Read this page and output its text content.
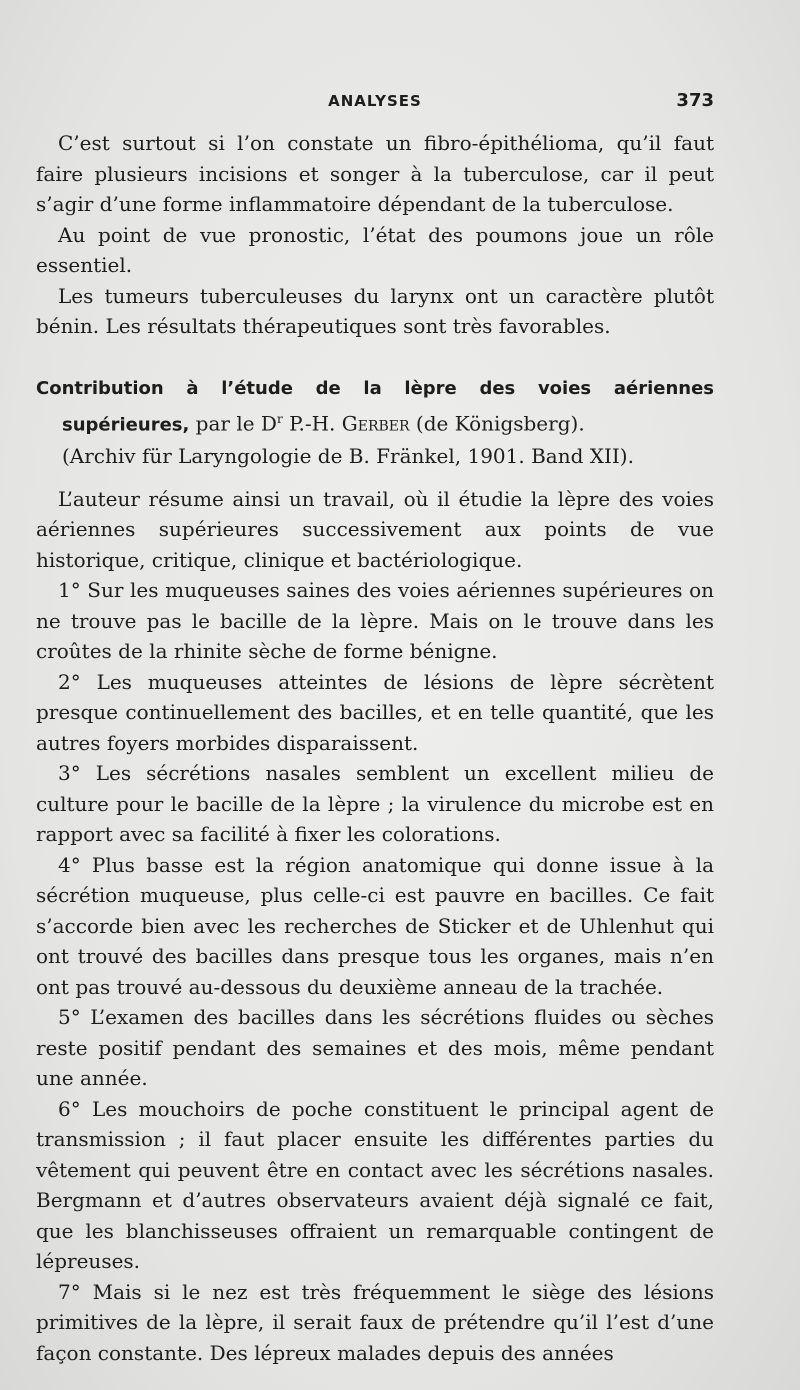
ANALYSES	373

C’est surtout si l’on constate un fibro-épithélioma, qu’il faut faire plusieurs incisions et songer à la tuberculose, car il peut s’agir d’une forme inflammatoire dépendant de la tuberculose.

Au point de vue pronostic, l’état des poumons joue un rôle essentiel.

Les tumeurs tuberculeuses du larynx ont un caractère plutôt bénin. Les résultats thérapeutiques sont très favorables.

Contribution à l’étude de la lèpre des voies aériennes supérieures, par le $D^r$ P.-H. Gerber (de Königsberg).
(Archiv für Laryngologie de B. Fränkel, 1901. Band XII).

L’auteur résume ainsi un travail, où il étudie la lèpre des voies aériennes supérieures successivement aux points de vue historique, critique, clinique et bactériologique.

1° Sur les muqueuses saines des voies aériennes supérieures on ne trouve pas le bacille de la lèpre. Mais on le trouve dans les croûtes de la rhinite sèche de forme bénigne.

2° Les muqueuses atteintes de lésions de lèpre sécrètent presque continuellement des bacilles, et en telle quantité, que les autres foyers morbides disparaissent.

3° Les sécrétions nasales semblent un excellent milieu de culture pour le bacille de la lèpre ; la virulence du microbe est en rapport avec sa facilité à fixer les colorations.

4° Plus basse est la région anatomique qui donne issue à la sécrétion muqueuse, plus celle-ci est pauvre en bacilles. Ce fait s’accorde bien avec les recherches de Sticker et de Uhlenhut qui ont trouvé des bacilles dans presque tous les organes, mais n’en ont pas trouvé au-dessous du deuxième anneau de la trachée.

5° L’examen des bacilles dans les sécrétions fluides ou sèches reste positif pendant des semaines et des mois, même pendant une année.

6° Les mouchoirs de poche constituent le principal agent de transmission ; il faut placer ensuite les différentes parties du vêtement qui peuvent être en contact avec les sécrétions nasales. Bergmann et d’autres observateurs avaient déjà signalé ce fait, que les blanchisseuses offraient un remarquable contingent de lépreuses.

7° Mais si le nez est très fréquemment le siège des lésions primitives de la lèpre, il serait faux de prétendre qu’il l’est d’une façon constante. Des lépreux malades depuis des années
